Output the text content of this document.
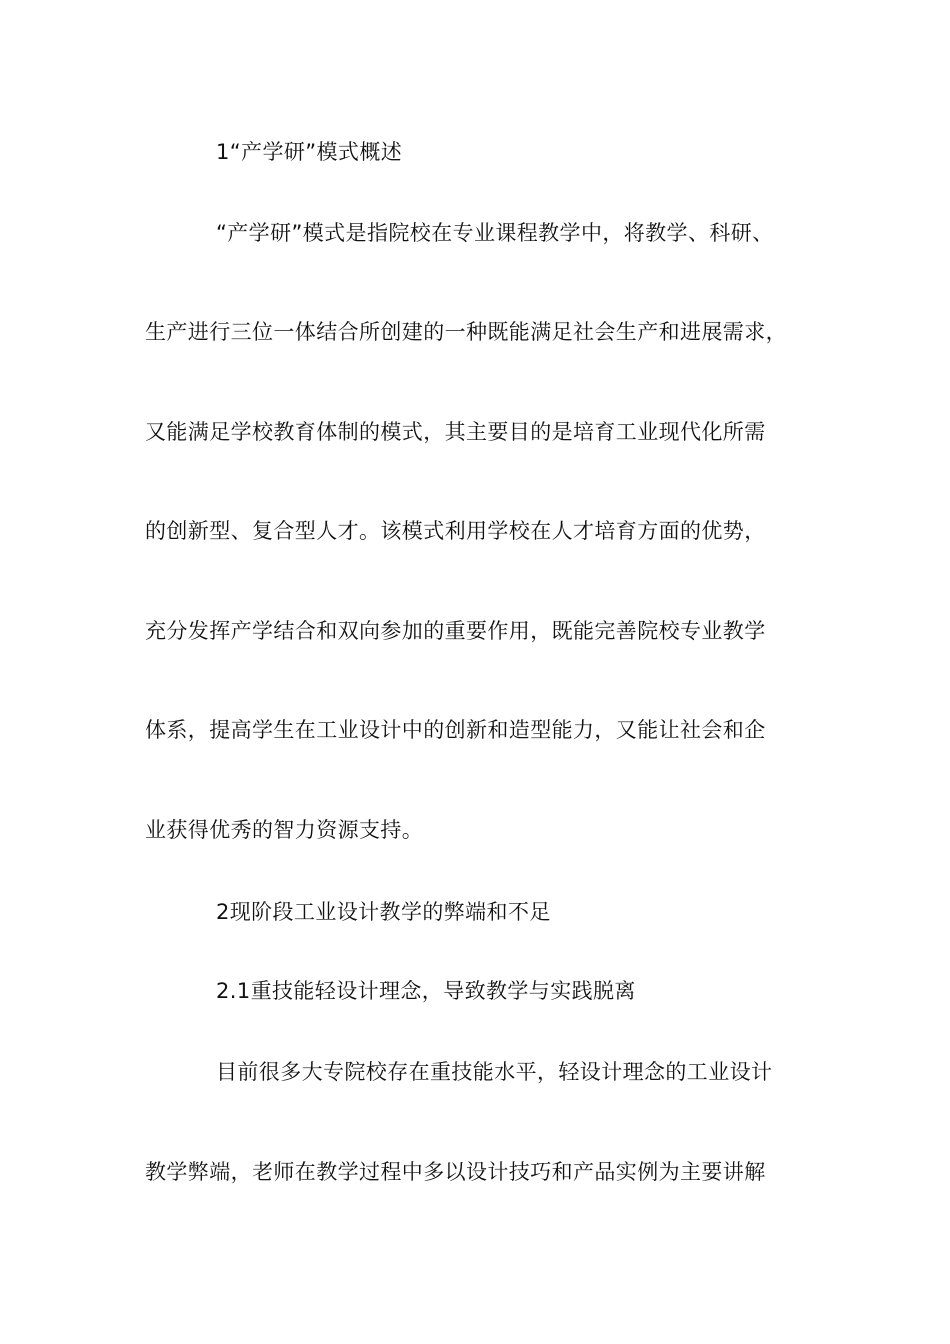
1“产学研”模式概述
“产学研”模式是指院校在专业课程教学中，将教学、科研、
生产进行三位一体结合所创建的一种既能满足社会生产和进展需求，
又能满足学校教育体制的模式，其主要目的是培育工业现代化所需
的创新型、复合型人才。该模式利用学校在人才培育方面的优势，
充分发挥产学结合和双向参加的重要作用，既能完善院校专业教学
体系，提高学生在工业设计中的创新和造型能力，又能让社会和企
业获得优秀的智力资源支持。
2现阶段工业设计教学的弊端和不足
2.1重技能轻设计理念，导致教学与实践脱离
目前很多大专院校存在重技能水平，轻设计理念的工业设计
教学弊端，老师在教学过程中多以设计技巧和产品实例为主要讲解
